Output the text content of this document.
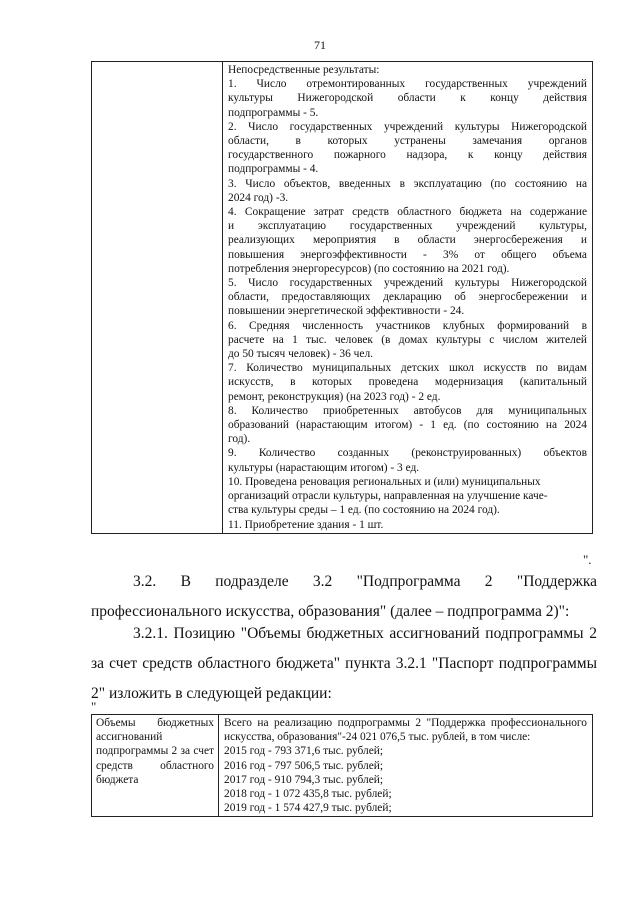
71

Непосредственные результаты:
1. Число отремонтированных государственных учреждений
культуры Нижегородской области к концу действия
подпрограммы - 5.
2. Число государственных учреждений культуры Нижегородской
области, в которых устранены замечания органов
государственного пожарного надзора, к концу действия
подпрограммы - 4.
3. Число объектов, введенных в эксплуатацию (по состоянию на
2024 год) -3.
4. Сокращение затрат средств областного бюджета на содержание
и эксплуатацию государственных учреждений культуры,
реализующих мероприятия в области энергосбережения и
повышения энергоэффективности - 3% от общего объема
потребления энергоресурсов) (по состоянию на 2021 год).
5. Число государственных учреждений культуры Нижегородской
области, предоставляющих декларацию об энергосбережении и
повышении энергетической эффективности - 24.
6. Средняя численность участников клубных формирований в
расчете на 1 тыс. человек (в домах культуры с числом жителей
до 50 тысяч человек) - 36 чел.
7. Количество муниципальных детских школ искусств по видам
искусств, в которых проведена модернизация (капитальный
ремонт, реконструкция) (на 2023 год) - 2 ед.
8. Количество приобретенных автобусов для муниципальных
образований (нарастающим итогом) - 1 ед. (по состоянию на 2024
год).
9. Количество созданных (реконструированных) объектов
культуры (нарастающим итогом) - 3 ед.
10. Проведена реновация региональных и (или) муниципальных
организаций отрасли культуры, направленная на улучшение каче-
ства культуры среды – 1 ед. (по состоянию на 2024 год).
11. Приобретение здания - 1 шт.
".
3.2. В подразделе 3.2 "Подпрограмма 2 "Поддержка профессионального искусства, образования" (далее – подпрограмма 2)":
3.2.1. Позицию "Объемы бюджетных ассигнований подпрограммы 2 за счет средств областного бюджета" пункта 3.2.1 "Паспорт подпрограммы 2" изложить в следующей редакции:
"
Объемы бюджетных ассигнований подпрограммы 2 за счет средств областного бюджета	
Всего на реализацию подпрограммы 2 "Поддержка профессионального искусства, образования"-24 021 076,5 тыс. рублей, в том числе:
2015 год - 793 371,6 тыс. рублей;
2016 год - 797 506,5 тыс. рублей;
2017 год - 910 794,3 тыс. рублей;
2018 год - 1 072 435,8 тыс. рублей;
2019 год - 1 574 427,9 тыс. рублей;
